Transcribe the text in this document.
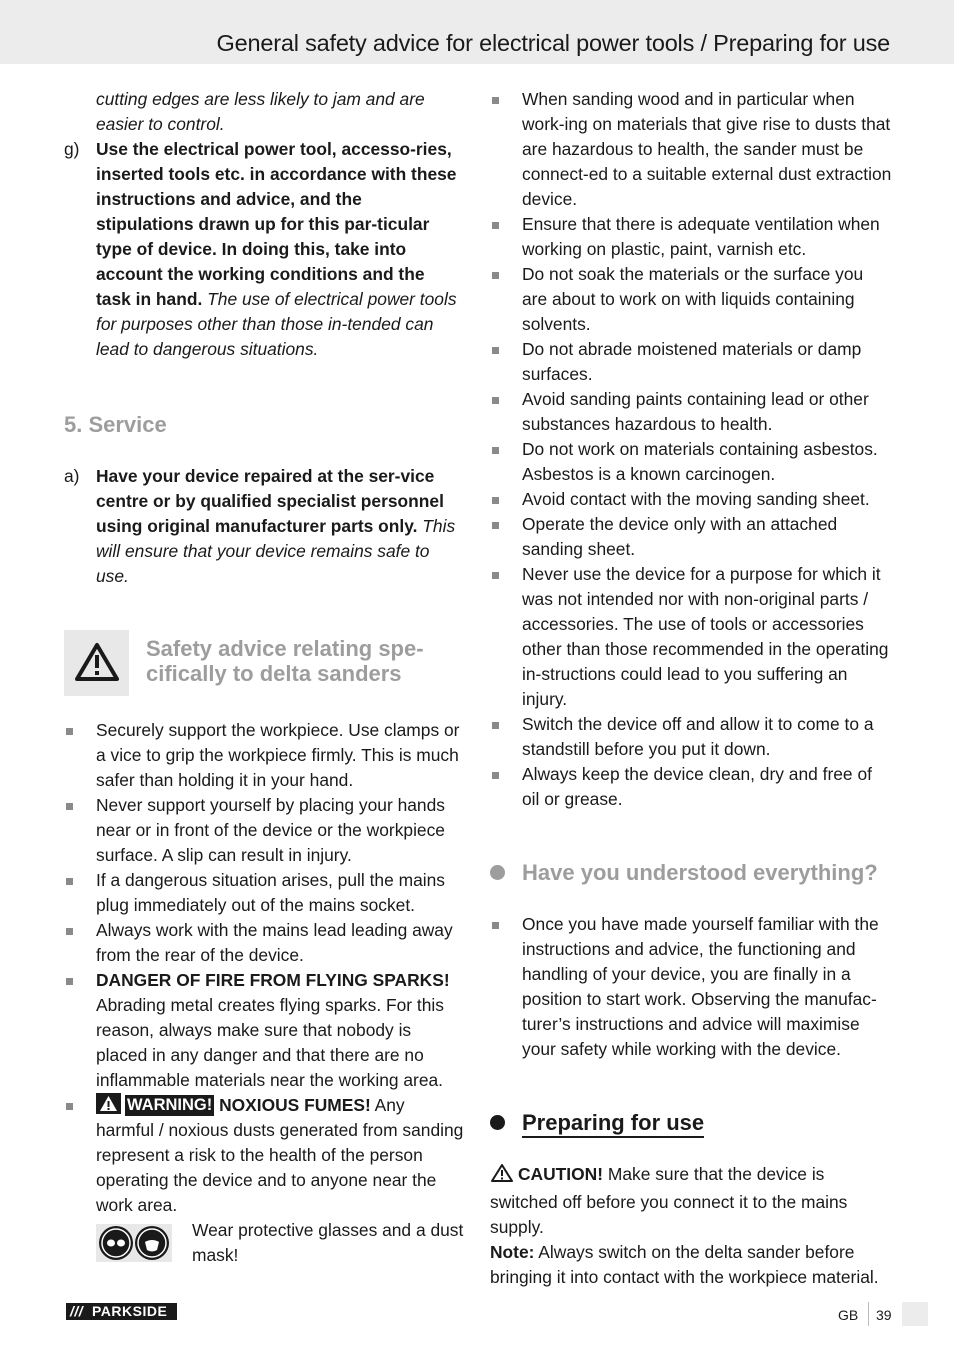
General safety advice for electrical power tools / Preparing for use

cutting edges are less likely to jam and are easier to control.

g) Use the electrical power tool, accesso-ries, inserted tools etc. in accordance with these instructions and advice, and the stipulations drawn up for this par-ticular type of device. In doing this, take into account the working conditions and the task in hand. The use of electrical power tools for purposes other than those in-tended can lead to dangerous situations.

5. Service

a) Have your device repaired at the ser-vice centre or by qualified specialist personnel using original manufacturer parts only. This will ensure that your device remains safe to use.
Safety advice relating spe-cifically to delta sanders
Securely support the workpiece. Use clamps or a vice to grip the workpiece firmly. This is much safer than holding it in your hand.
Never support yourself by placing your hands near or in front of the device or the workpiece surface. A slip can result in injury.
If a dangerous situation arises, pull the mains plug immediately out of the mains socket.
Always work with the mains lead leading away from the rear of the device.
DANGER OF FIRE FROM FLYING SPARKS! Abrading metal creates flying sparks. For this reason, always make sure that nobody is placed in any danger and that there are no inflammable materials near the working area.
WARNING! NOXIOUS FUMES! Any harmful / noxious dusts generated from sanding represent a risk to the health of the person operating the device and to anyone near the work area.
Wear protective glasses and a dust mask!
When sanding wood and in particular when work-ing on materials that give rise to dusts that are hazardous to health, the sander must be connect-ed to a suitable external dust extraction device.
Ensure that there is adequate ventilation when working on plastic, paint, varnish etc.
Do not soak the materials or the surface you are about to work on with liquids containing solvents.
Do not abrade moistened materials or damp surfaces.
Avoid sanding paints containing lead or other substances hazardous to health.
Do not work on materials containing asbestos. Asbestos is a known carcinogen.
Avoid contact with the moving sanding sheet.
Operate the device only with an attached sanding sheet.
Never use the device for a purpose for which it was not intended nor with non-original parts / accessories. The use of tools or accessories other than those recommended in the operating in-structions could lead to you suffering an injury.
Switch the device off and allow it to come to a standstill before you put it down.
Always keep the device clean, dry and free of oil or grease.
Have you understood everything?
Once you have made yourself familiar with the instructions and advice, the functioning and handling of your device, you are finally in a position to start work. Observing the manufac-turer’s instructions and advice will maximise your safety while working with the device.
Preparing for use

CAUTION! Make sure that the device is switched off before you connect it to the mains supply.

Note: Always switch on the delta sander before bringing it into contact with the workpiece material.

/// PARKSIDE	GB 39
